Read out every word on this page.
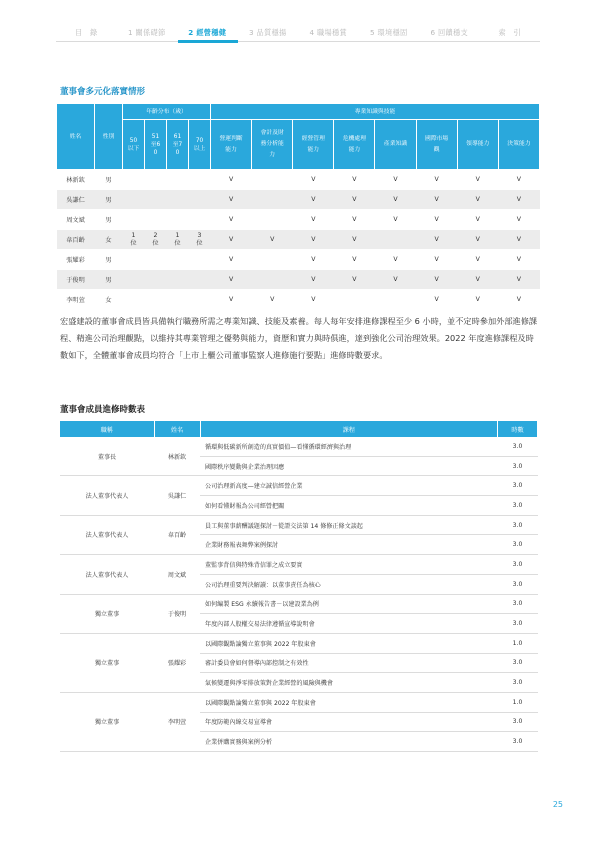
目　錄	1 關係礎節	2 經營穩健	3 品質穩揚	4 職場穩賞	5 環境穩固	6 回饋穩支	索　引
董事會多元化落實情形
姓名	性別	年齡分布（歲）				專業知識與技能							
		50以下	51至60	61至70	70以上	營運判斷能力	會計及財務分析能力	經營管理能力	危機處理能力	產業知識	國際市場觀	領導能力	決策能力
林新欽	男					V		V	V	V	V	V	V
吳謙仁	男					V		V	V	V	V	V	V
周文斌	男					V		V	V	V	V	V	V
韋百齡	女	1位	2位	1位	3位	V	V	V	V		V	V	V
張耀彩	男					V		V	V	V	V	V	V
于俊明	男					V		V	V	V	V	V	V
李明萱	女					V	V	V			V	V	V

宏盛建設的董事會成員皆具備執行職務所需之專業知識、技能及素養。每人每年安排進修課程至少 6 小時，並不定時參加外部進修課程、精進公司治理觀點，以維持其專業管理之優勢與能力，資歷和實力與時俱進，達到強化公司治理效果。2022 年度進修課程及時數如下，全體董事會成員均符合「上市上櫃公司董事監察人進修施行要點」進修時數要求。

董事會成員進修時數表
職稱	姓名	課程	時數
董事長	林新欽	循環與低碳新所創造的真實價值—看懂循環經濟與治理	3.0
		國際秩序變動與企業治理因應	3.0
法人董事代表人	吳謙仁	公司治理新高度—建立誠信經營企業	3.0
		如何看懂財報為公司經營把關	3.0
法人董事代表人	韋百齡	員工與董事薪酬議題探討－從證交法第 14 條修正條文談起	3.0
		企業財務報表舞弊案例探討	3.0
法人董事代表人	周文斌	董監事背信與特殊背信罪之成立要實	3.0
		公司治理重要判決解讀：以董事責任為核心	3.0
獨立董事	于俊明	如何編製 ESG 永續報告書－以建設業為例	3.0
		年度內部人股權交易法律遵循宣導說明會	3.0
獨立董事	張耀彩	以國際觀點論獨立董事與 2022 年股東會	1.0
		審計委員會如何督導內部控制之有效性	3.0
		氣候變遷與淨零排放策對企業經營的風險與機會	3.0
獨立董事	李明萱	以國際觀點論獨立董事與 2022 年股東會	1.0
		年度防範內線交易宣導會	3.0
		企業併購實務與案例分析	3.0
25
